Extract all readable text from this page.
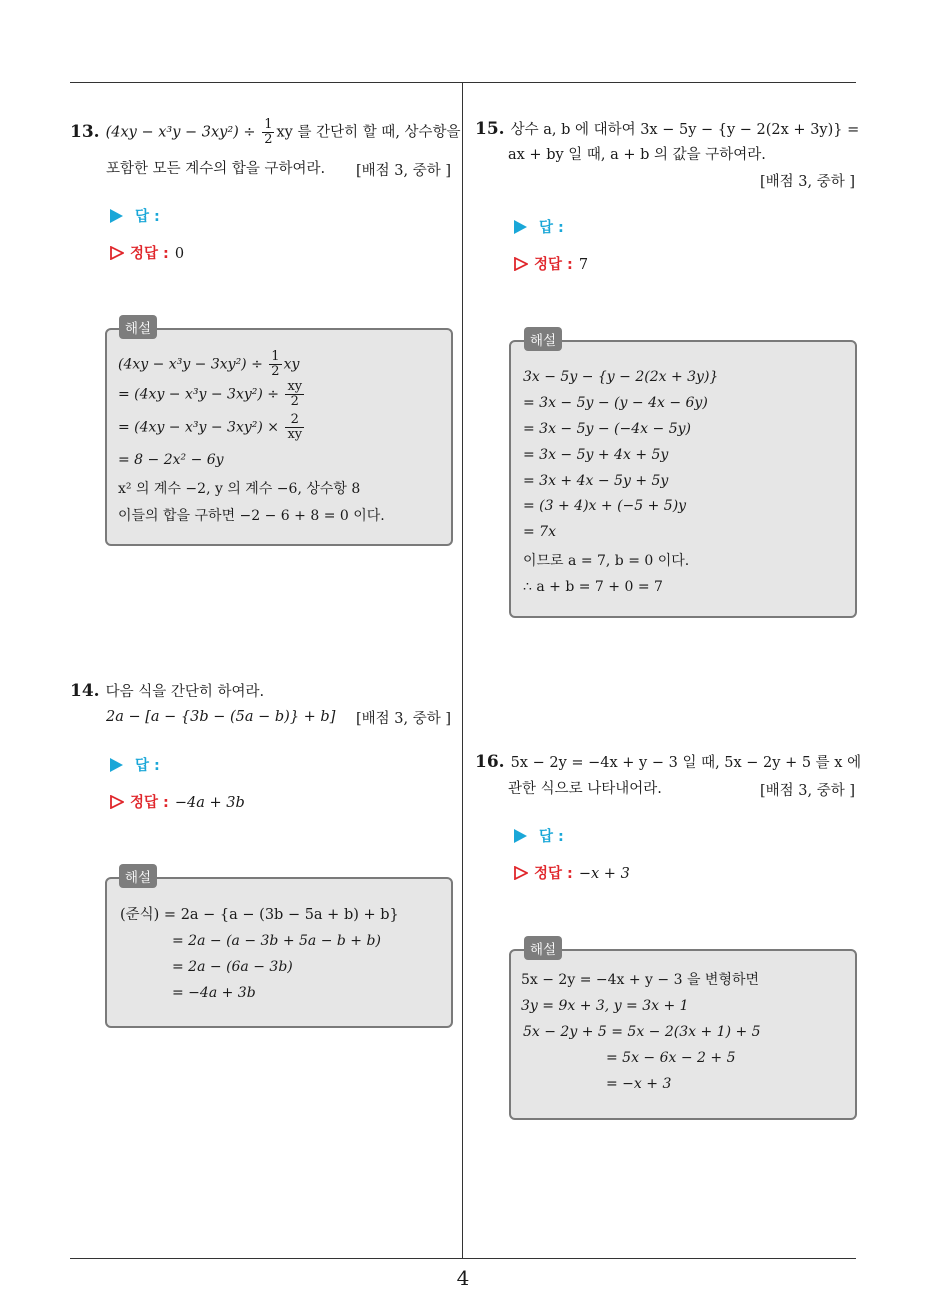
4
13. $(4xy - x^3y - 3xy^2) \div \frac{1}{2}$ xy 를 간단히 할 때, 상수항을
포함한 모든 계수의 합을 구하여라. [배점 3, 중하 ]
답 :
정답 : 0
해설
$(4xy - x^3y - 3xy^2) \div \frac{1}{2}$ xy
= $(4xy - x^3y - 3xy^2) \div \frac{xy}{2}$
= $(4xy - x^3y - 3xy^2) \times \frac{2}{xy}$
= 8 − 2x² − 6y
x² 의 계수 −2, y 의 계수 −6, 상수항 8
이들의 합을 구하면 −2 − 6 + 8 = 0 이다.
14. 다음 식을 간단히 하여라.
2a − [a − {3b − (5a − b)} + b] [배점 3, 중하 ]
답 :
정답 : −4a + 3b
해설
(준식) = 2a − {a − (3b − 5a + b) + b}
= 2a − (a − 3b + 5a − b + b)
= 2a − (6a − 3b)
= −4a + 3b
15. 상수 a, b 에 대하여 3x − 5y − {y − 2(2x + 3y)} =
ax + by 일 때, a + b 의 값을 구하여라.
[배점 3, 중하 ]
답 :
정답 : 7
해설
3x − 5y − {y − 2(2x + 3y)}
= 3x − 5y − (y − 4x − 6y)
= 3x − 5y − (−4x − 5y)
= 3x − 5y + 4x + 5y
= 3x + 4x − 5y + 5y
= (3 + 4)x + (−5 + 5)y
= 7x
이므로 a = 7, b = 0 이다.
∴ a + b = 7 + 0 = 7
16. 5x − 2y = −4x + y − 3 일 때, 5x − 2y + 5 를 x 에
관한 식으로 나타내어라.	[배점 3, 중하 ]
답 :
정답 : −x + 3
해설
5x − 2y = −4x + y − 3 을 변형하면
3y = 9x + 3, y = 3x + 1
5x − 2y + 5 = 5x − 2(3x + 1) + 5
= 5x − 6x − 2 + 5
= −x + 3
